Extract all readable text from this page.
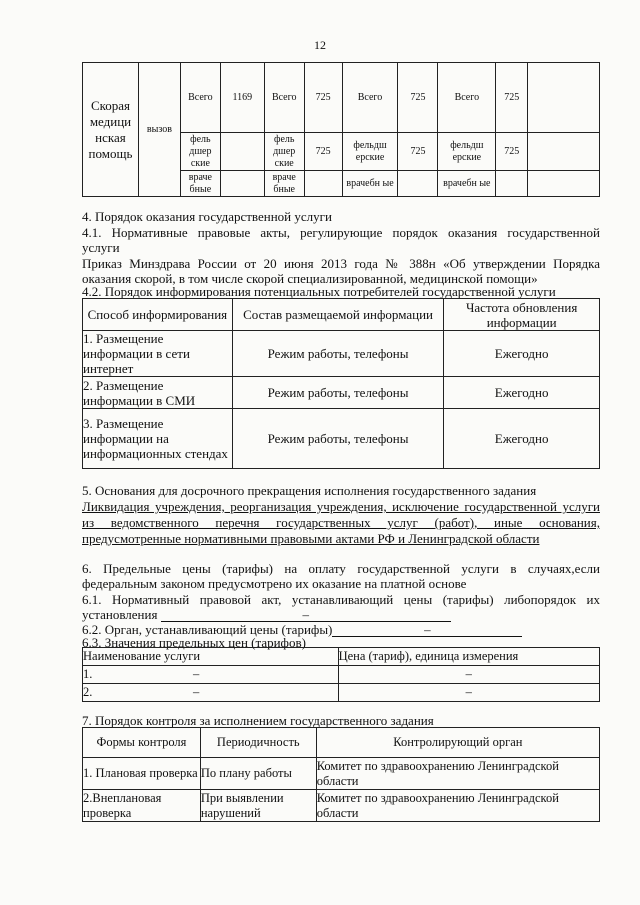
12
Скорая медици нская помощь	вызов	Всего	1169	Всего	725	Всего	725	Всего	725	
		фель дшер ские		фель дшер ские	725	фельдш ерские	725	фельдш ерские	725	
		враче бные		враче бные		врачебн ые		врачебн ые		
4. Порядок оказания государственной услуги
4.1. Нормативные правовые акты, регулирующие порядок оказания государственной
услуги
Приказ Минздрава России от 20 июня 2013 года № 388н «Об утверждении Порядка
оказания скорой, в том числе скорой специализированной, медицинской помощи»
4.2. Порядок информирования потенциальных потребителей государственной услуги
Способ информирования	Состав размещаемой информации	Частота обновления информации
1. Размещение информации в сети интернет	Режим работы, телефоны	Ежегодно
2. Размещение информации в СМИ	Режим работы, телефоны	Ежегодно
3. Размещение информации на информационных стендах	Режим работы, телефоны	Ежегодно
5. Основания для досрочного прекращения исполнения государственного задания
Ликвидация учреждения, реорганизация учреждения, исключение государственной услуги
из ведомственного перечня государственных услуг (работ), иные основания,
предусмотренные нормативными правовыми актами РФ и Ленинградской области
6. Предельные цены (тарифы) на оплату государственной услуги в случаях,если
федеральным законом предусмотрено их оказание на платной основе
6.1. Нормативный правовой акт, устанавливающий цены (тарифы) либопорядок их
установления	–
6.2. Орган, устанавливающий цены (тарифы)	–
6.3. Значения предельных цен (тарифов)
Наименование услуги	Цена (тариф), единица измерения
1. –	–
2. –	–
7. Порядок контроля за исполнением государственного задания
Формы контроля	Периодичность	Контролирующий орган
1. Плановая проверка	По плану работы	Комитет по здравоохранению Ленинградской области
2.Внеплановая проверка	При выявлении нарушений	Комитет по здравоохранению Ленинградской области
